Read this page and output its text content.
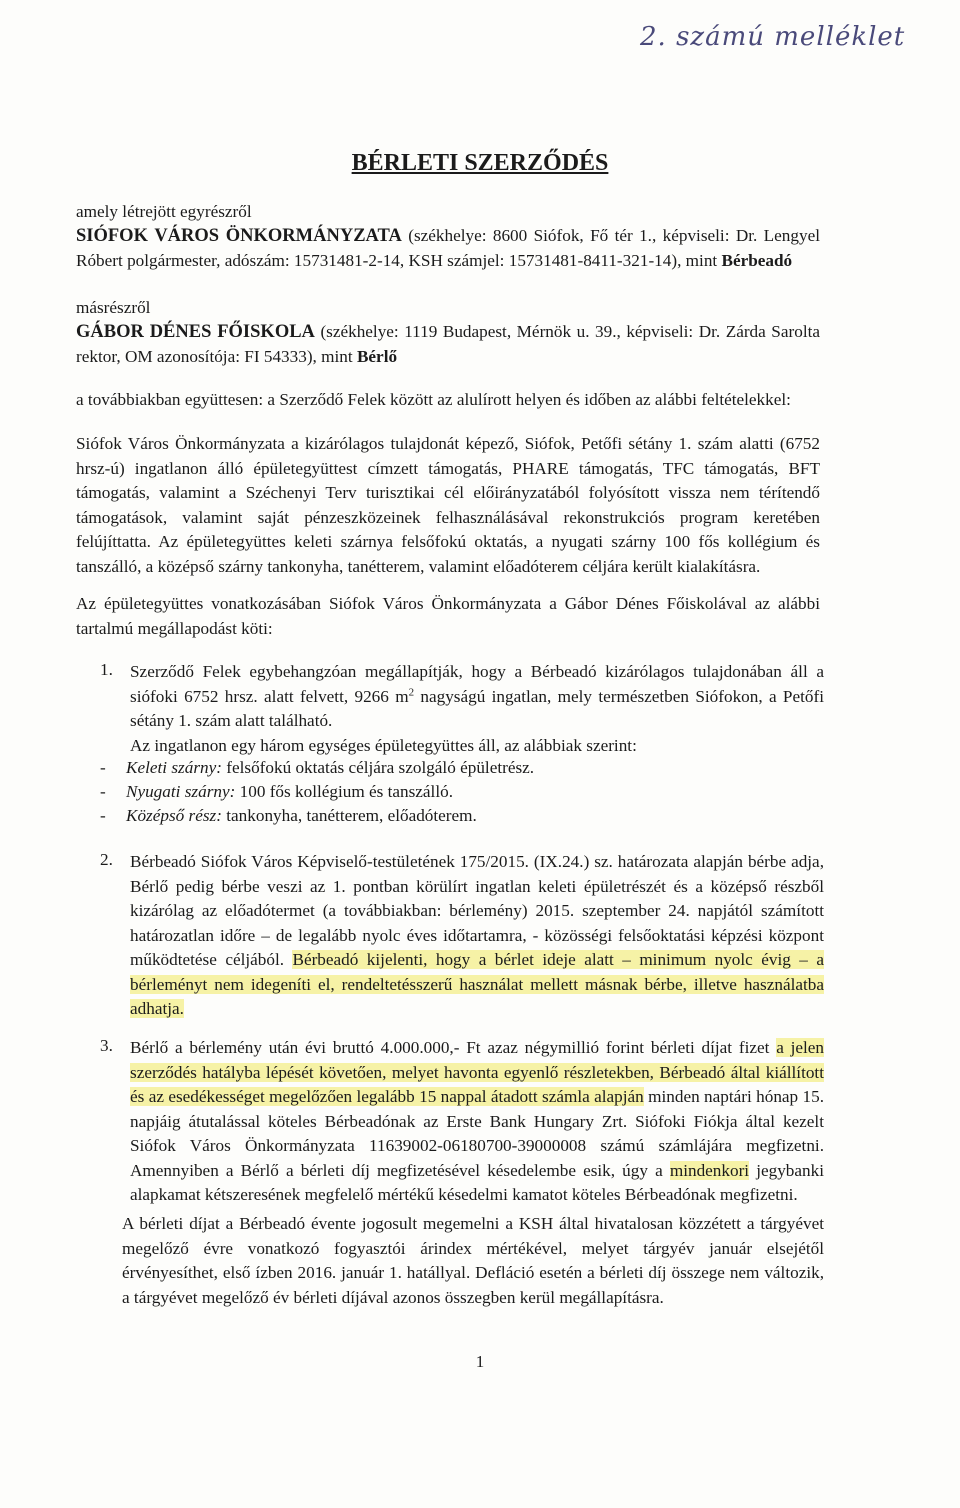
2. számú melléklet
BÉRLETI SZERZŐDÉS
amely létrejött egyrészről
SIÓFOK VÁROS ÖNKORMÁNYZATA (székhelye: 8600 Siófok, Fő tér 1., képviseli: Dr. Lengyel Róbert polgármester, adószám: 15731481-2-14, KSH számjel: 15731481-8411-321-14), mint Bérbeadó
másrészről
GÁBOR DÉNES FŐISKOLA (székhelye: 1119 Budapest, Mérnök u. 39., képviseli: Dr. Zárda Sarolta rektor, OM azonosítója: FI 54333), mint Bérlő
a továbbiakban együttesen: a Szerződő Felek között az alulírott helyen és időben az alábbi feltételekkel:
Siófok Város Önkormányzata a kizárólagos tulajdonát képező, Siófok, Petőfi sétány 1. szám alatti (6752 hrsz-ú) ingatlanon álló épületegyüttest címzett támogatás, PHARE támogatás, TFC támogatás, BFT támogatás, valamint a Széchenyi Terv turisztikai cél előirányzatából folyósított vissza nem térítendő támogatások, valamint saját pénzeszközeinek felhasználásával rekonstrukciós program keretében felújíttatta. Az épületegyüttes keleti szárnya felsőfokú oktatás, a nyugati szárny 100 fős kollégium és tanszálló, a középső szárny tankonyha, tanétterem, valamint előadóterem céljára került kialakításra.
Az épületegyüttes vonatkozásában Siófok Város Önkormányzata a Gábor Dénes Főiskolával az alábbi tartalmú megállapodást köti:
1. Szerződő Felek egybehangzóan megállapítják, hogy a Bérbeadó kizárólagos tulajdonában áll a siófoki 6752 hrsz. alatt felvett, 9266 $m^2$ nagyságú ingatlan, mely természetben Siófokon, a Petőfi sétány 1. szám alatt található.
Az ingatlanon egy három egységes épületegyüttes áll, az alábbiak szerint:
- Keleti szárny: felsőfokú oktatás céljára szolgáló épületrész.
- Nyugati szárny: 100 fős kollégium és tanszálló.
- Középső rész: tankonyha, tanétterem, előadóterem.
2. Bérbeadó Siófok Város Képviselő-testületének 175/2015. (IX.24.) sz. határozata alapján bérbe adja, Bérlő pedig bérbe veszi az 1. pontban körülírt ingatlan keleti épületrészét és a középső részből kizárólag az előadótermet (a továbbiakban: bérlemény) 2015. szeptember 24. napjától számított határozatlan időre – de legalább nyolc éves időtartamra, - közösségi felsőoktatási képzési központ működtetése céljából. Bérbeadó kijelenti, hogy a bérlet ideje alatt – minimum nyolc évig – a bérleményt nem idegeníti el, rendeltetésszerű használat mellett másnak bérbe, illetve használatba adhatja.
3. Bérlő a bérlemény után évi bruttó 4.000.000,- Ft azaz négymillió forint bérleti díjat fizet a jelen szerződés hatályba lépését követően, melyet havonta egyenlő részletekben, Bérbeadó által kiállított és az esedékességet megelőzően legalább 15 nappal átadott számla alapján minden naptári hónap 15. napjáig átutalással köteles Bérbeadónak az Erste Bank Hungary Zrt. Siófoki Fiókja által kezelt Siófok Város Önkormányzata 11639002-06180700-39000008 számú számlájára megfizetni. Amennyiben a Bérlő a bérleti díj megfizetésével késedelembe esik, úgy a mindenkori jegybanki alapkamat kétszeresének megfelelő mértékű késedelmi kamatot köteles Bérbeadónak megfizetni.
A bérleti díjat a Bérbeadó évente jogosult megemelni a KSH által hivatalosan közzétett a tárgyévet megelőző évre vonatkozó fogyasztói árindex mértékével, melyet tárgyév január elsejétől érvényesíthet, első ízben 2016. január 1. hatállyal. Defláció esetén a bérleti díj összege nem változik, a tárgyévet megelőző év bérleti díjával azonos összegben kerül megállapításra.
1
